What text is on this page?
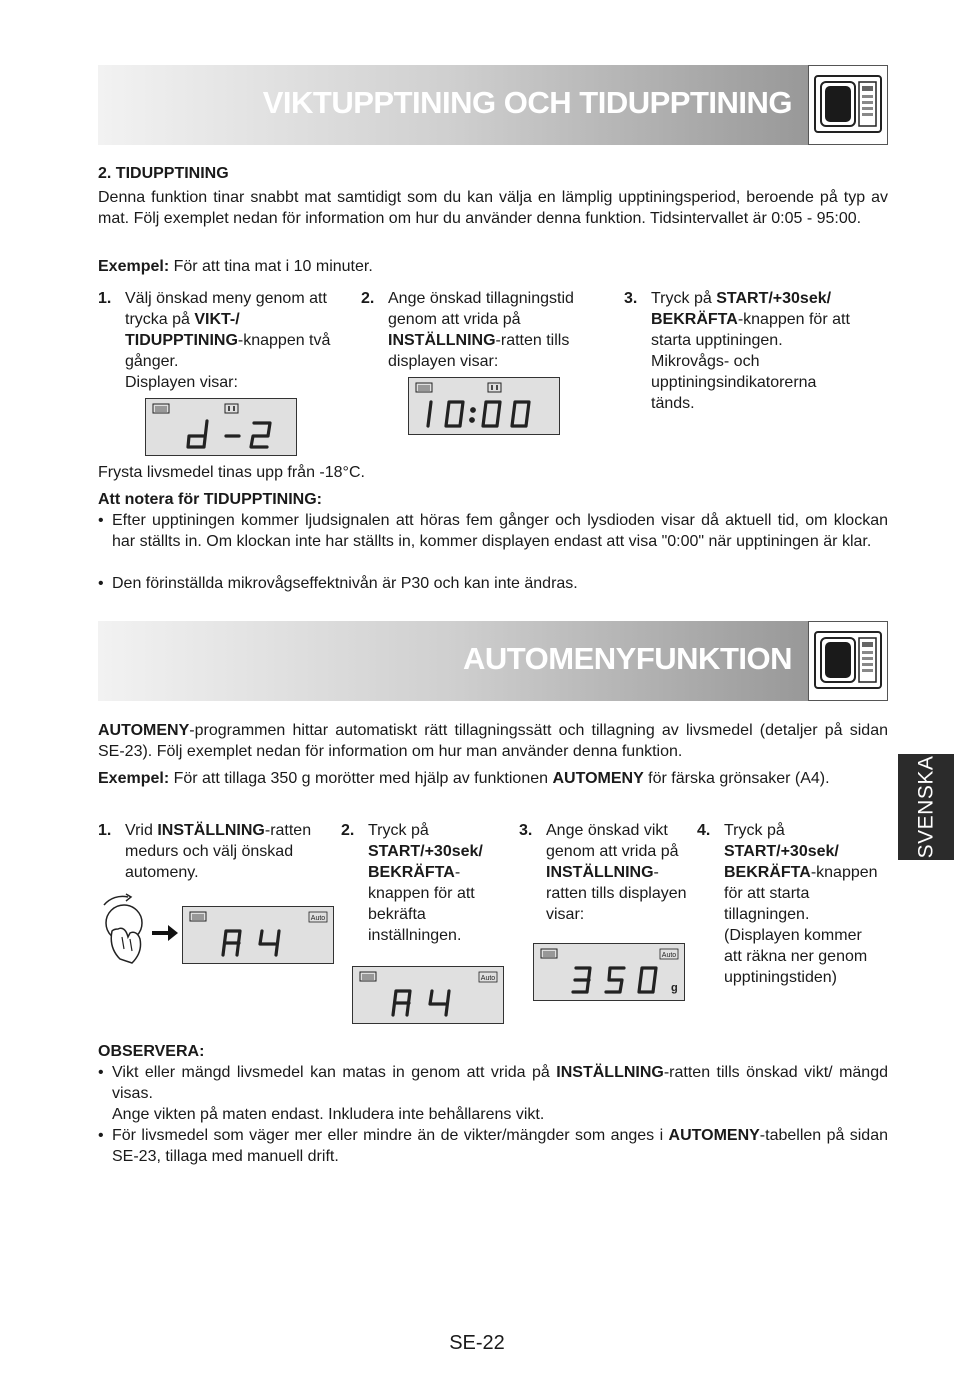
VIKTUPPTINING OCH TIDUPPTINING
2. TIDUPPTINING
Denna funktion tinar snabbt mat samtidigt som du kan välja en lämplig upptiningsperiod, beroende på typ av mat. Följ exemplet nedan för information om hur du använder denna funktion. Tidsintervallet är 0:05 - 95:00.
Exempel: För att tina mat i 10 minuter.
1. Välj önskad meny genom att trycka på VIKT-/ TIDUPPTINING-knappen två gånger.
Displayen visar:
2. Ange önskad tillagningstid genom att vrida på INSTÄLLNING-ratten tills displayen visar:
3. Tryck på START/+30sek/ BEKRÄFTA-knappen för att starta upptiningen. Mikrovågs- och upptiningsindikatorerna tänds.
Frysta livsmedel tinas upp från -18°C.
Att notera för TIDUPPTINING:
• Efter upptiningen kommer ljudsignalen att höras fem gånger och lysdioden visar då aktuell tid, om klockan har ställts in. Om klockan inte har ställts in, kommer displayen endast att visa "0:00" när upptiningen är klar.
• Den förinställda mikrovågseffektnivån är P30 och kan inte ändras.
AUTOMENYFUNKTION
AUTOMENY-programmen hittar automatiskt rätt tillagningssätt och tillagning av livsmedel (detaljer på sidan SE-23). Följ exemplet nedan för information om hur man använder denna funktion.
Exempel: För att tillaga 350 g morötter med hjälp av funktionen AUTOMENY för färska grönsaker (A4).
1. Vrid INSTÄLLNING-ratten medurs och välj önskad automeny.
2. Tryck på START/+30sek/ BEKRÄFTA-knappen för att bekräfta inställningen.
3. Ange önskad vikt genom att vrida på INSTÄLLNING-ratten tills displayen visar:
4. Tryck på START/+30sek/ BEKRÄFTA-knappen för att starta tillagningen. (Displayen kommer att räkna ner genom upptiningstiden)
Auto
Auto
Auto
g
OBSERVERA:
• Vikt eller mängd livsmedel kan matas in genom att vrida på INSTÄLLNING-ratten tills önskad vikt/ mängd visas.
Ange vikten på maten endast. Inkludera inte behållarens vikt.
• För livsmedel som väger mer eller mindre än de vikter/mängder som anges i AUTOMENY-tabellen på sidan SE-23, tillaga med manuell drift.
SVENSKA
SE-22
